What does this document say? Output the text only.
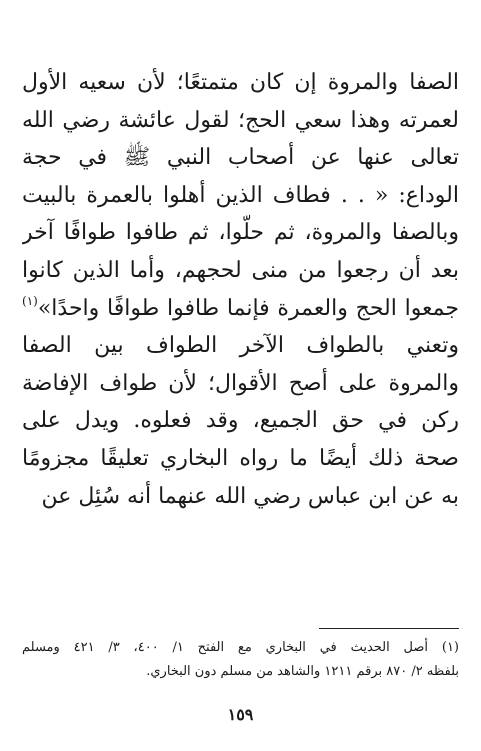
الصفا والمروة إن كان متمتعًا؛ لأن سعيه الأول
لعمرته وهذا سعي الحج؛ لقول عائشة رضي الله
تعالى عنها عن أصحاب النبي ﷺ في حجة
الوداع: « . . فطاف الذين أهلوا بالعمرة بالبيت
وبالصفا والمروة، ثم حلّوا، ثم طافوا طوافًا آخر
بعد أن رجعوا من منى لحجهم، وأما الذين كانوا
جمعوا الحج والعمرة فإنما طافوا طوافًا واحدًا»$^{(١)}$
وتعني بالطواف الآخر الطواف بين الصفا
والمروة على أصح الأقوال؛ لأن طواف الإفاضة
ركن في حق الجميع، وقد فعلوه. ويدل على
صحة ذلك أيضًا ما رواه البخاري تعليقًا مجزومًا
به عن ابن عباس رضي الله عنهما أنه سُئِل عن
(١) أصل الحديث في البخاري مع الفتح ١/ ٤٠٠، ٣/ ٤٢١ ومسلم
بلفظه ٢/ ٨٧٠ برقم ١٢١١ والشاهد من مسلم دون البخاري.
١٥٩
